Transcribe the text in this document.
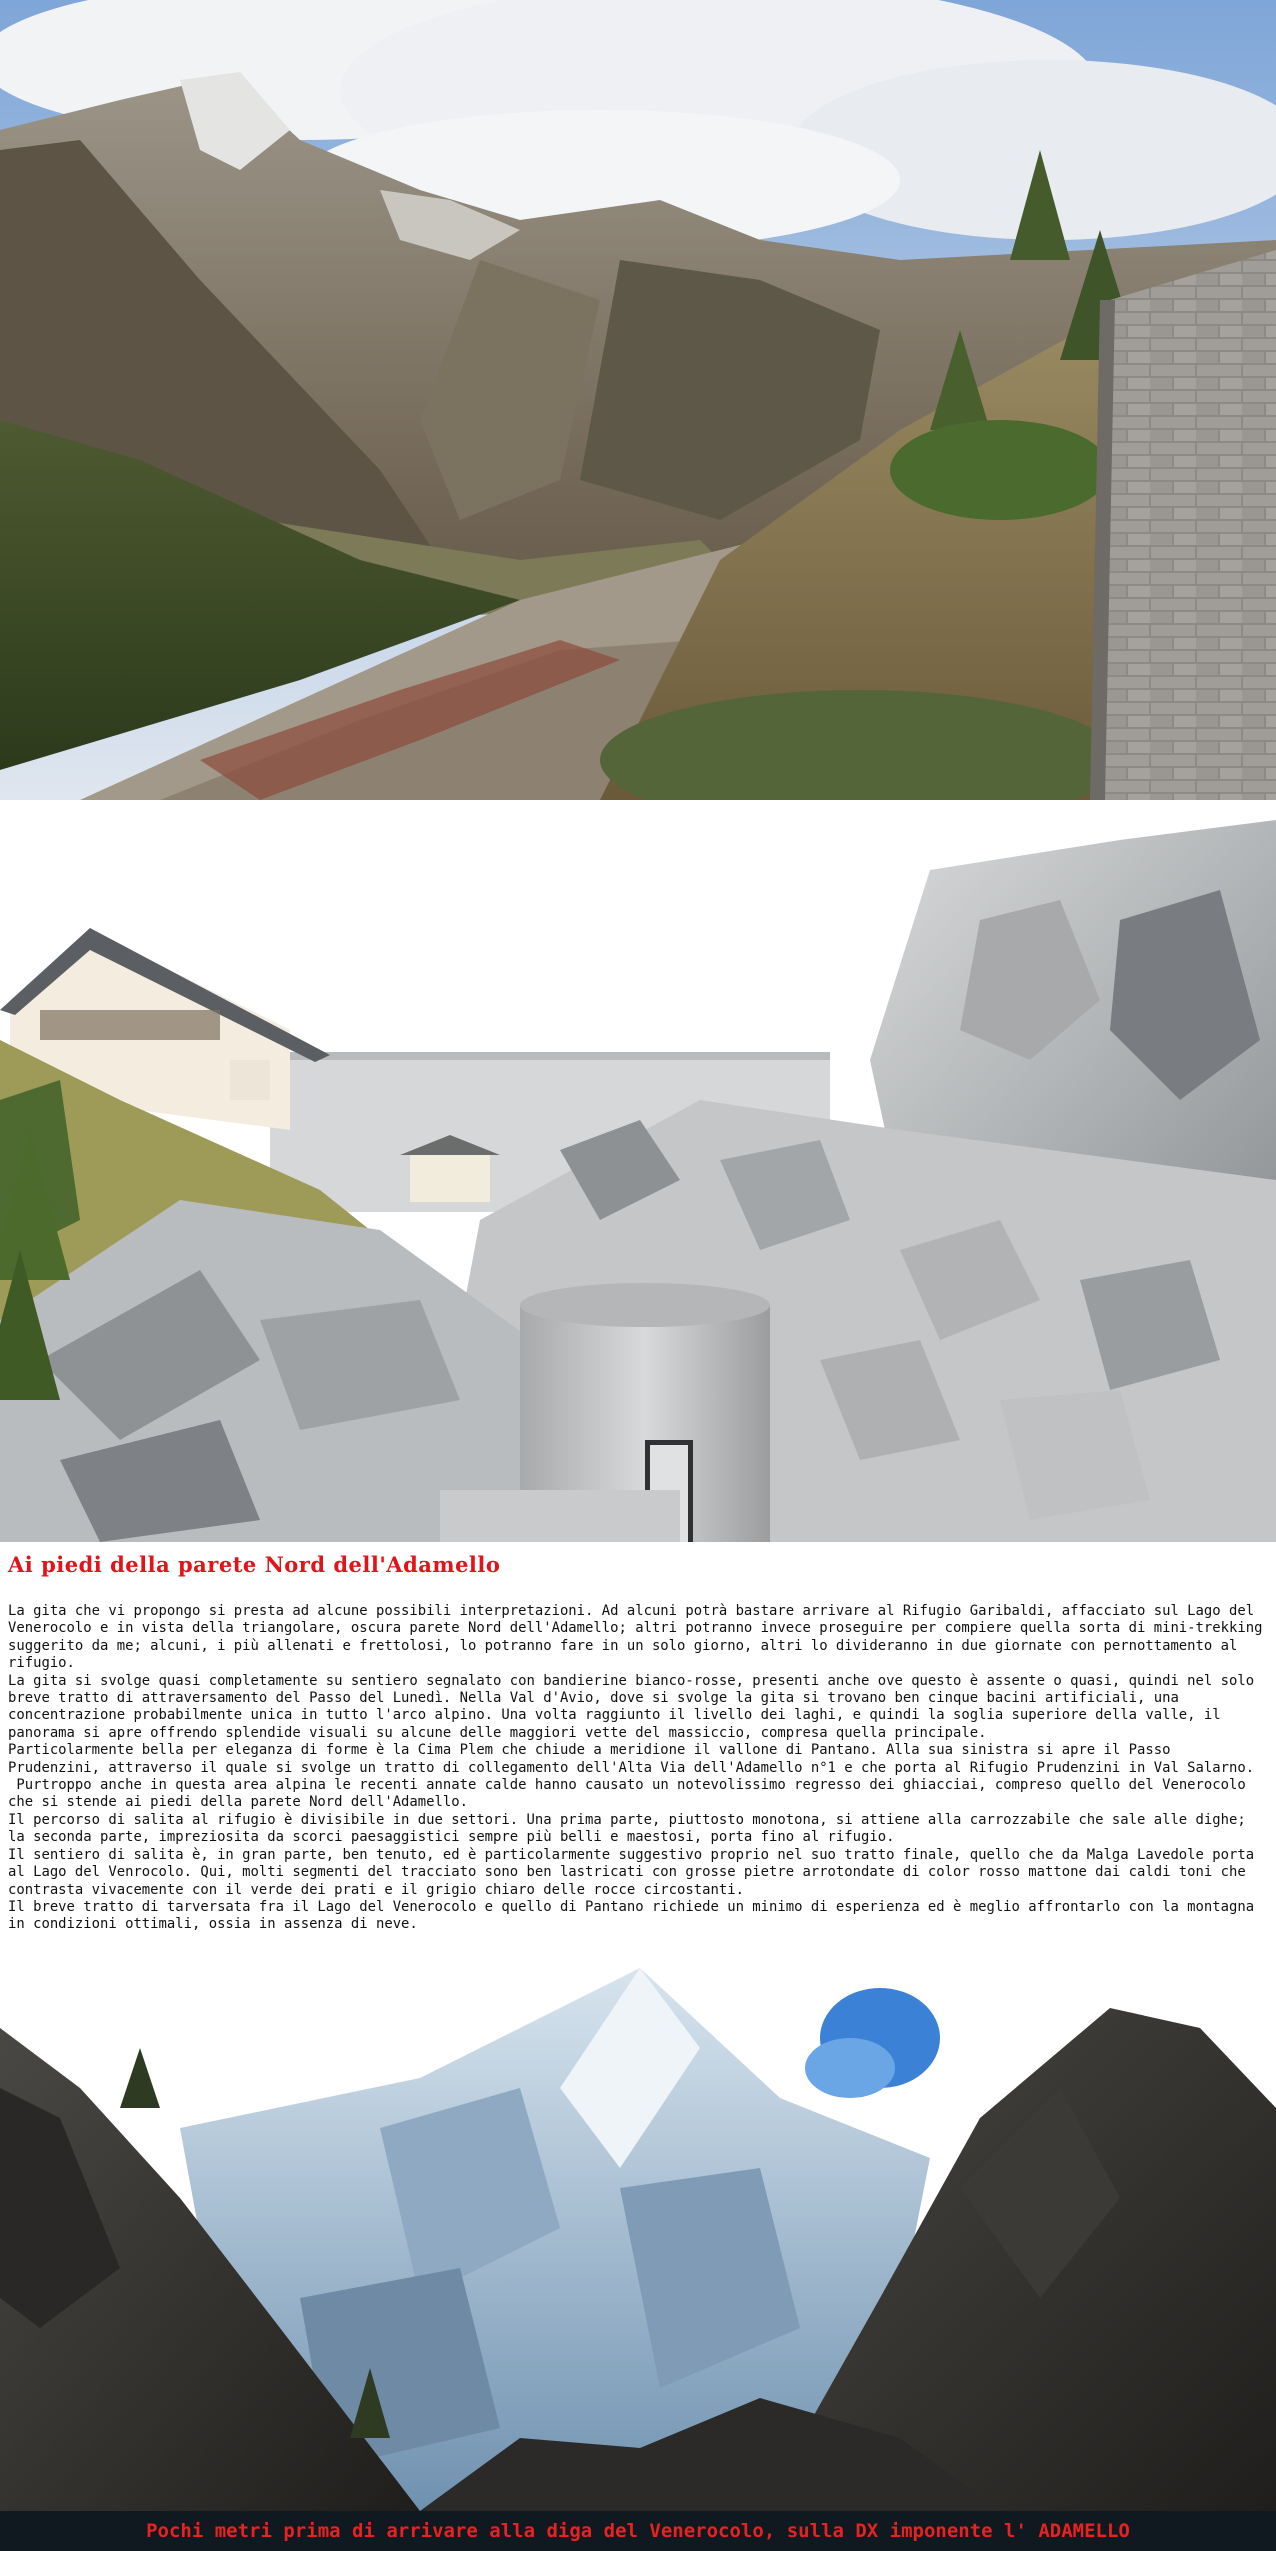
Ai piedi della parete Nord dell'Adamello
La gita che vi propongo si presta ad alcune possibili interpretazioni. Ad alcuni potrà bastare arrivare al Rifugio Garibaldi, affacciato sul Lago del Venerocolo e in vista della triangolare, oscura parete Nord dell'Adamello; altri potranno invece proseguire per compiere quella sorta di mini-trekking suggerito da me; alcuni, i più allenati e frettolosi, lo potranno fare in un solo giorno, altri lo divideranno in due giornate con pernottamento al rifugio.
La gita si svolge quasi completamente su sentiero segnalato con bandierine bianco-rosse, presenti anche ove questo è assente o quasi, quindi nel solo breve tratto di attraversamento del Passo del Lunedì. Nella Val d'Avio, dove si svolge la gita si trovano ben cinque bacini artificiali, una concentrazione probabilmente unica in tutto l'arco alpino. Una volta raggiunto il livello dei laghi, e quindi la soglia superiore della valle, il panorama si apre offrendo splendide visuali su alcune delle maggiori vette del massiccio, compresa quella principale.
Particolarmente bella per eleganza di forme è la Cima Plem che chiude a meridione il vallone di Pantano. Alla sua sinistra si apre il Passo Prudenzini, attraverso il quale si svolge un tratto di collegamento dell'Alta Via dell'Adamello n°1 e che porta al Rifugio Prudenzini in Val Salarno.
Purtroppo anche in questa area alpina le recenti annate calde hanno causato un notevolissimo regresso dei ghiacciai, compreso quello del Venerocolo che si stende ai piedi della parete Nord dell'Adamello.
Il percorso di salita al rifugio è divisibile in due settori. Una prima parte, piuttosto monotona, si attiene alla carrozzabile che sale alle dighe; la seconda parte, impreziosita da scorci paesaggistici sempre più belli e maestosi, porta fino al rifugio.
Il sentiero di salita è, in gran parte, ben tenuto, ed è particolarmente suggestivo proprio nel suo tratto finale, quello che da Malga Lavedole porta al Lago del Venrocolo. Qui, molti segmenti del tracciato sono ben lastricati con grosse pietre arrotondate di color rosso mattone dai caldi toni che contrasta vivacemente con il verde dei prati e il grigio chiaro delle rocce circostanti.
Il breve tratto di tarversata fra il Lago del Venerocolo e quello di Pantano richiede un minimo di esperienza ed è meglio affrontarlo con la montagna in condizioni ottimali, ossia in assenza di neve.
Pochi metri prima di arrivare alla diga del Venerocolo, sulla DX imponente l' ADAMELLO
